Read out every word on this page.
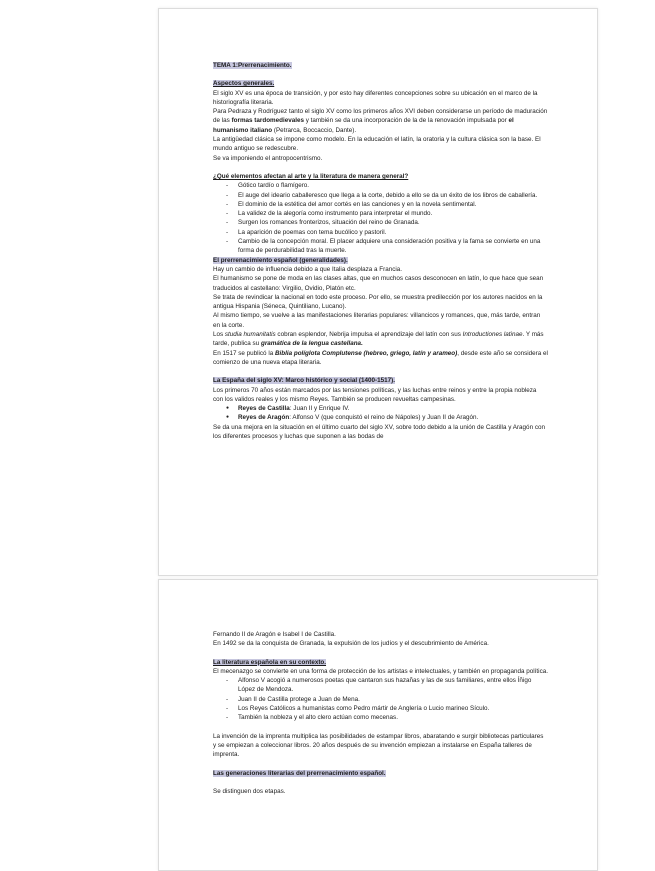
TEMA 1:Prerrenacimiento.

Aspectos generales.

El siglo XV es una época de transición, y por esto hay diferentes concepciones sobre su ubicación en el marco de la historiografía literaria.

Para Pedraza y Rodríguez tanto el siglo XV como los primeros años XVI deben considerarse un período de maduración de las formas tardomedievales y también se da una incorporación de la de la renovación impulsada por el humanismo italiano (Petrarca, Boccaccio, Dante).

La antigüedad clásica se impone como modelo. En la educación el latín, la oratoria y la cultura clásica son la base. El mundo antiguo se redescubre.

Se va imponiendo el antropocentrismo.

¿Qué elementos afectan al arte y la literatura de manera general?

- Gótico tardío o flamígero.
- El auge del ideario caballeresco que llega a la corte, debido a ello se da un éxito de los libros de caballería.
- El dominio de la estética del amor cortés en las canciones y en la novela sentimental.
- La validez de la alegoría como instrumento para interpretar el mundo.
- Surgen los romances fronterizos, situación del reino de Granada.
- La aparición de poemas con tema bucólico y pastoril.
- Cambio de la concepción moral. El placer adquiere una consideración positiva y la fama se convierte en una forma de perdurabilidad tras la muerte.

El prerrenacimiento español (generalidades).

Hay un cambio de influencia debido a que Italia desplaza a Francia.

El humanismo se pone de moda en las clases altas, que en muchos casos desconocen en latín, lo que hace que sean traducidos al castellano: Virgilio, Ovidio, Platón etc.

Se trata de revindicar la nacional en todo este proceso. Por ello, se muestra predilección por los autores nacidos en la antigua Hispania (Séneca, Quintiliano, Lucano).

Al mismo tiempo, se vuelve a las manifestaciones literarias populares: villancicos y romances, que, más tarde, entran en la corte.

Los studia humanitatis cobran esplendor, Nebrija impulsa el aprendizaje del latín con sus Introductiones latinae. Y más tarde, publica su gramática de la lengua castellana.

En 1517 se publicó la Biblia políglota Complutense (hebreo, griego, latín y arameo), desde este año se considera el comienzo de una nueva etapa literaria.

La España del siglo XV: Marco histórico y social (1400-1517).

Los primeros 70 años están marcados por las tensiones políticas, y las luchas entre reinos y entre la propia nobleza con los validos reales y los mismo Reyes. También se producen revueltas campesinas.

● Reyes de Castilla: Juan II y Enrique IV.
● Reyes de Aragón: Alfonso V (que conquistó el reino de Nápoles) y Juan II de Aragón.

Se da una mejora en la situación en el último cuarto del siglo XV, sobre todo debido a la unión de Castilla y Aragón con los diferentes procesos y luchas que suponen a las bodas de

Fernando II de Aragón e Isabel I de Castilla.

En 1492 se da la conquista de Granada, la expulsión de los judíos y el descubrimiento de América.

La literatura española en su contexto.

El mecenazgo se convierte en una forma de protección de los artistas e intelectuales, y también en propaganda política.

- Alfonso V acogió a numerosos poetas que cantaron sus hazañas y las de sus familiares, entre ellos Íñigo López de Mendoza.
- Juan II de Castilla protege a Juan de Mena.
- Los Reyes Católicos a humanistas como Pedro mártir de Anglería o Lucio marineo Sículo.
- También la nobleza y el alto clero actúan como mecenas.

La invención de la imprenta multiplica las posibilidades de estampar libros, abaratando e surgir bibliotecas particulares y se empiezan a coleccionar libros. 20 años después de su invención empiezan a instalarse en España talleres de imprenta.

Las generaciones literarias del prerrenacimiento español.

Se distinguen dos etapas.
